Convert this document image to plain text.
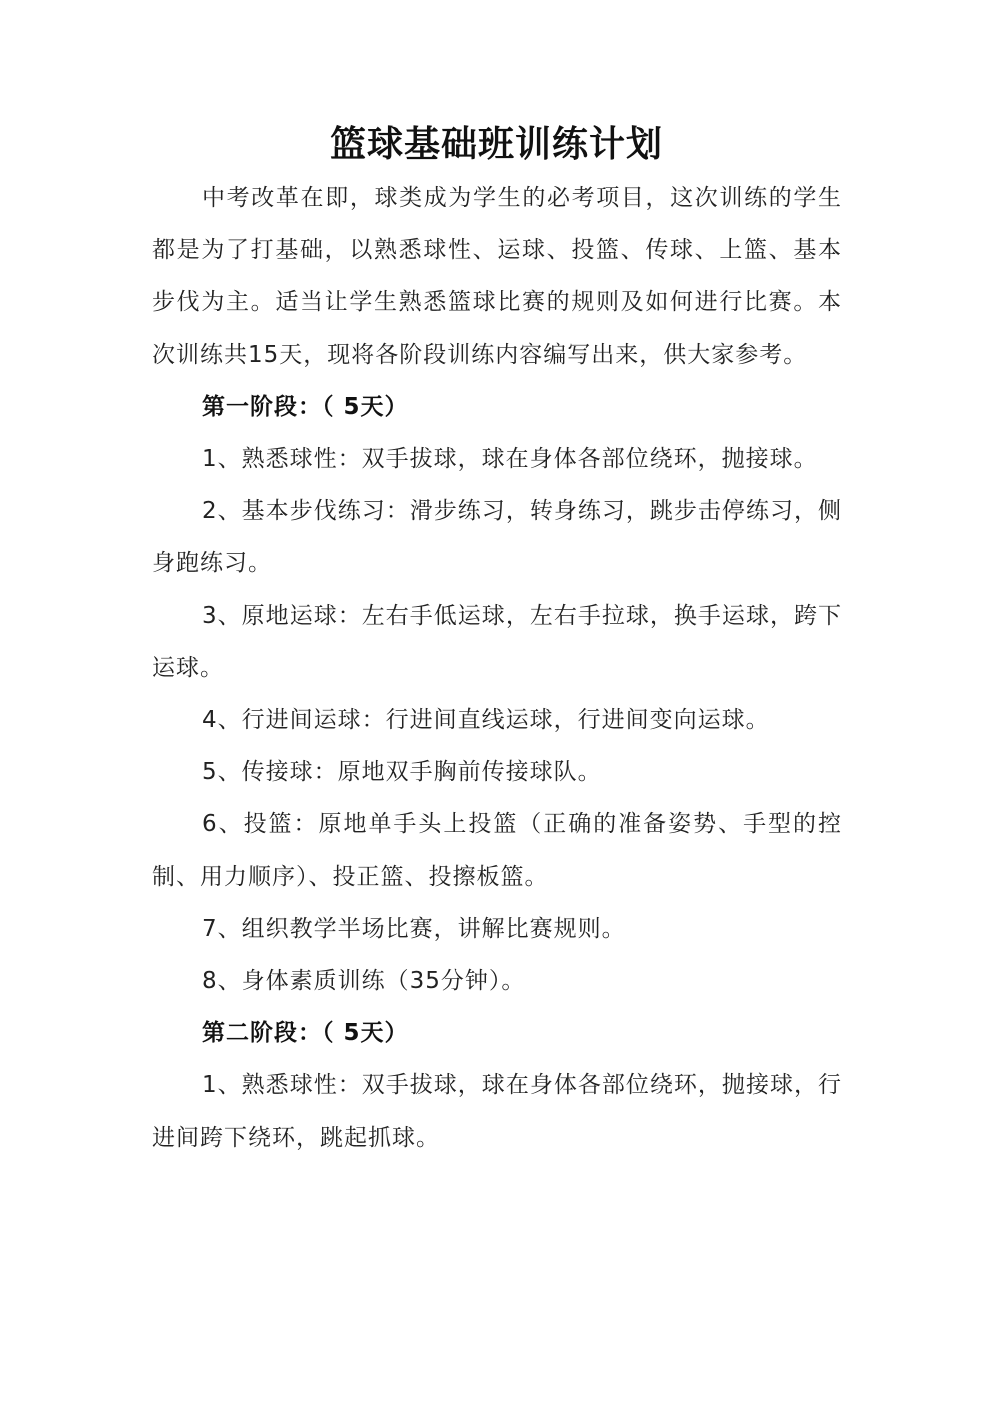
篮球基础班训练计划

中考改革在即，球类成为学生的必考项目，这次训练的学生都是为了打基础，以熟悉球性、运球、投篮、传球、上篮、基本步伐为主。适当让学生熟悉篮球比赛的规则及如何进行比赛。本次训练共15天，现将各阶段训练内容编写出来，供大家参考。

第一阶段：（ 5天）

1、熟悉球性：双手拔球，球在身体各部位绕环，抛接球。

2、基本步伐练习：滑步练习，转身练习，跳步击停练习，侧身跑练习。

3、原地运球：左右手低运球，左右手拉球，换手运球，跨下运球。

4、行进间运球：行进间直线运球，行进间变向运球。

5、传接球：原地双手胸前传接球队。

6、投篮：原地单手头上投篮（正确的准备姿势、手型的控制、用力顺序）、投正篮、投擦板篮。

7、组织教学半场比赛，讲解比赛规则。

8、身体素质训练（35分钟）。

第二阶段：（ 5天）

1、熟悉球性：双手拔球，球在身体各部位绕环，抛接球，行进间跨下绕环，跳起抓球。
